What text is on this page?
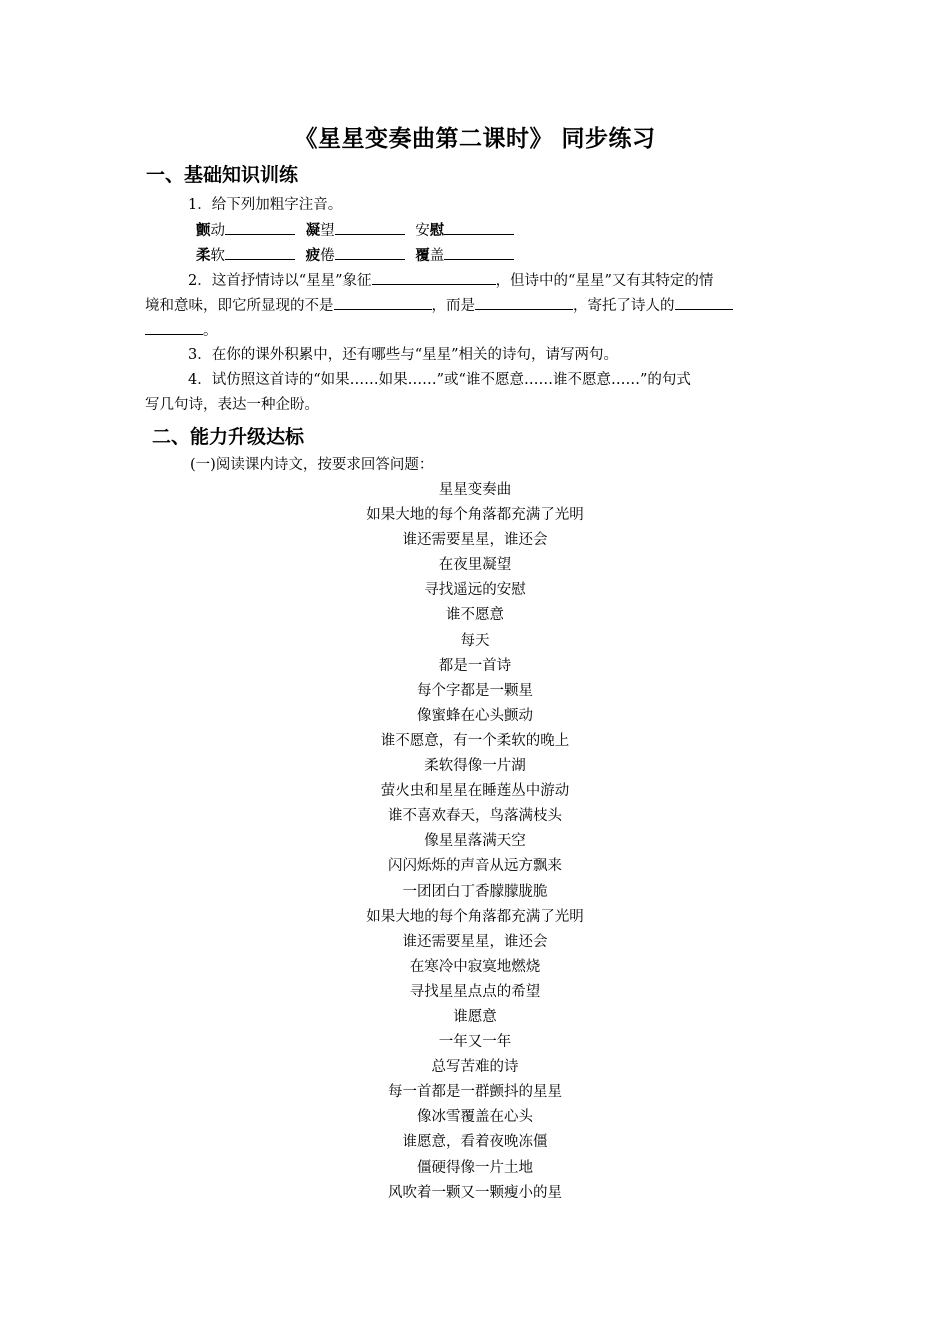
《星星变奏曲第二课时》 同步练习
一、基础知识训练

1．给下列加粗字注音。

颤动	凝望	安慰

柔软	疲倦	覆盖

2．这首抒情诗以“星星”象征	，但诗中的“星星”又有其特定的情

境和意味，即它所显现的不是	，而是	，寄托了诗人的

。

3．在你的课外积累中，还有哪些与“星星”相关的诗句，请写两句。

4．试仿照这首诗的“如果……如果……”或“谁不愿意……谁不愿意……”的句式

写几句诗，表达一种企盼。

二、能力升级达标

(一)阅读课内诗文，按要求回答问题：

星星变奏曲
如果大地的每个角落都充满了光明
谁还需要星星，谁还会
在夜里凝望
寻找遥远的安慰
谁不愿意
每天
都是一首诗
每个字都是一颗星
像蜜蜂在心头颤动
谁不愿意，有一个柔软的晚上
柔软得像一片湖
萤火虫和星星在睡莲丛中游动
谁不喜欢春天，鸟落满枝头
像星星落满天空
闪闪烁烁的声音从远方飘来
一团团白丁香朦朦胧脆
如果大地的每个角落都充满了光明
谁还需要星星，谁还会
在寒冷中寂寞地燃烧
寻找星星点点的希望
谁愿意
一年又一年
总写苦难的诗
每一首都是一群颤抖的星星
像冰雪覆盖在心头
谁愿意，看着夜晚冻僵
僵硬得像一片土地
风吹着一颗又一颗瘦小的星
